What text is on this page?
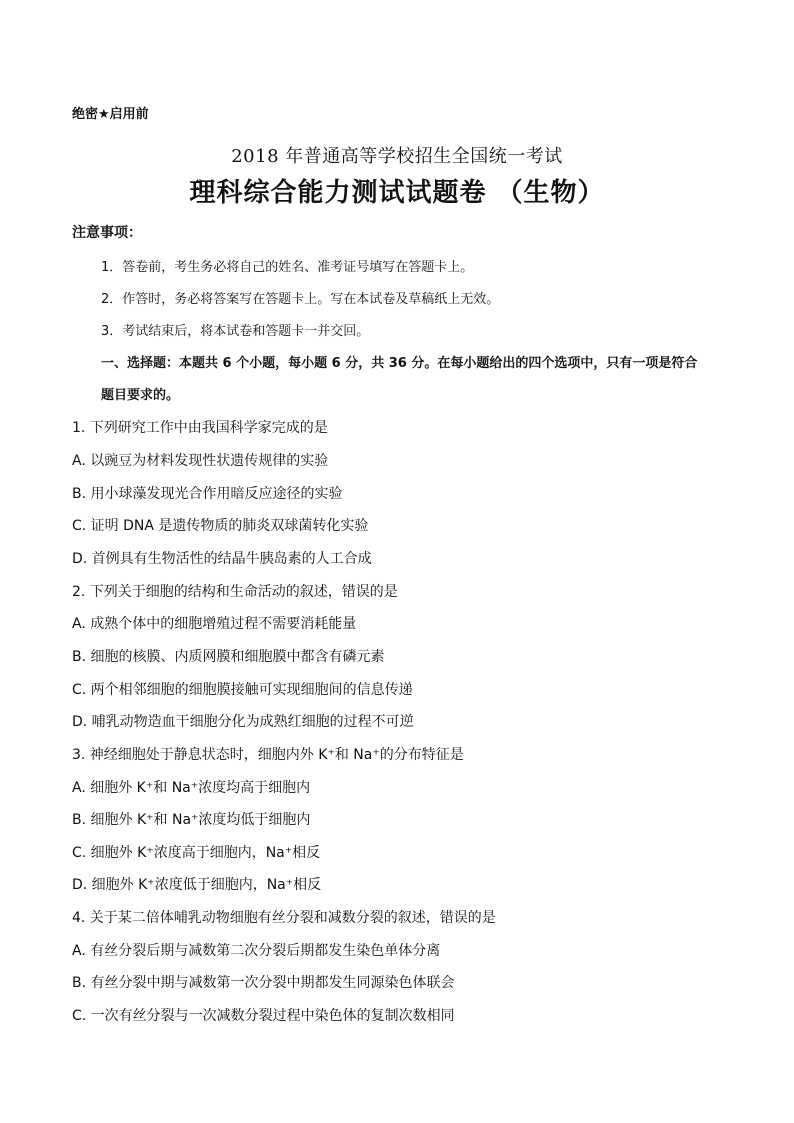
绝密★启用前
2018 年普通高等学校招生全国统一考试
理科综合能力测试试题卷 （生物）
注意事项：
1．答卷前，考生务必将自己的姓名、准考证号填写在答题卡上。
2．作答时，务必将答案写在答题卡上。写在本试卷及草稿纸上无效。
3．考试结束后，将本试卷和答题卡一并交回。
一、选择题：本题共 6 个小题，每小题 6 分，共 36 分。在每小题给出的四个选项中，只有一项是符合
题目要求的。
1. 下列研究工作中由我国科学家完成的是
A. 以豌豆为材料发现性状遗传规律的实验
B. 用小球藻发现光合作用暗反应途径的实验
C. 证明 DNA 是遗传物质的肺炎双球菌转化实验
D. 首例具有生物活性的结晶牛胰岛素的人工合成
2. 下列关于细胞的结构和生命活动的叙述，错误的是
A. 成熟个体中的细胞增殖过程不需要消耗能量
B. 细胞的核膜、内质网膜和细胞膜中都含有磷元素
C. 两个相邻细胞的细胞膜接触可实现细胞间的信息传递
D. 哺乳动物造血干细胞分化为成熟红细胞的过程不可逆
3. 神经细胞处于静息状态时，细胞内外 K⁺和 Na⁺的分布特征是
A. 细胞外 K⁺和 Na⁺浓度均高于细胞内
B. 细胞外 K⁺和 Na⁺浓度均低于细胞内
C. 细胞外 K⁺浓度高于细胞内，Na⁺相反
D. 细胞外 K⁺浓度低于细胞内，Na⁺相反
4. 关于某二倍体哺乳动物细胞有丝分裂和减数分裂的叙述，错误的是
A. 有丝分裂后期与减数第二次分裂后期都发生染色单体分离
B. 有丝分裂中期与减数第一次分裂中期都发生同源染色体联会
C. 一次有丝分裂与一次减数分裂过程中染色体的复制次数相同
